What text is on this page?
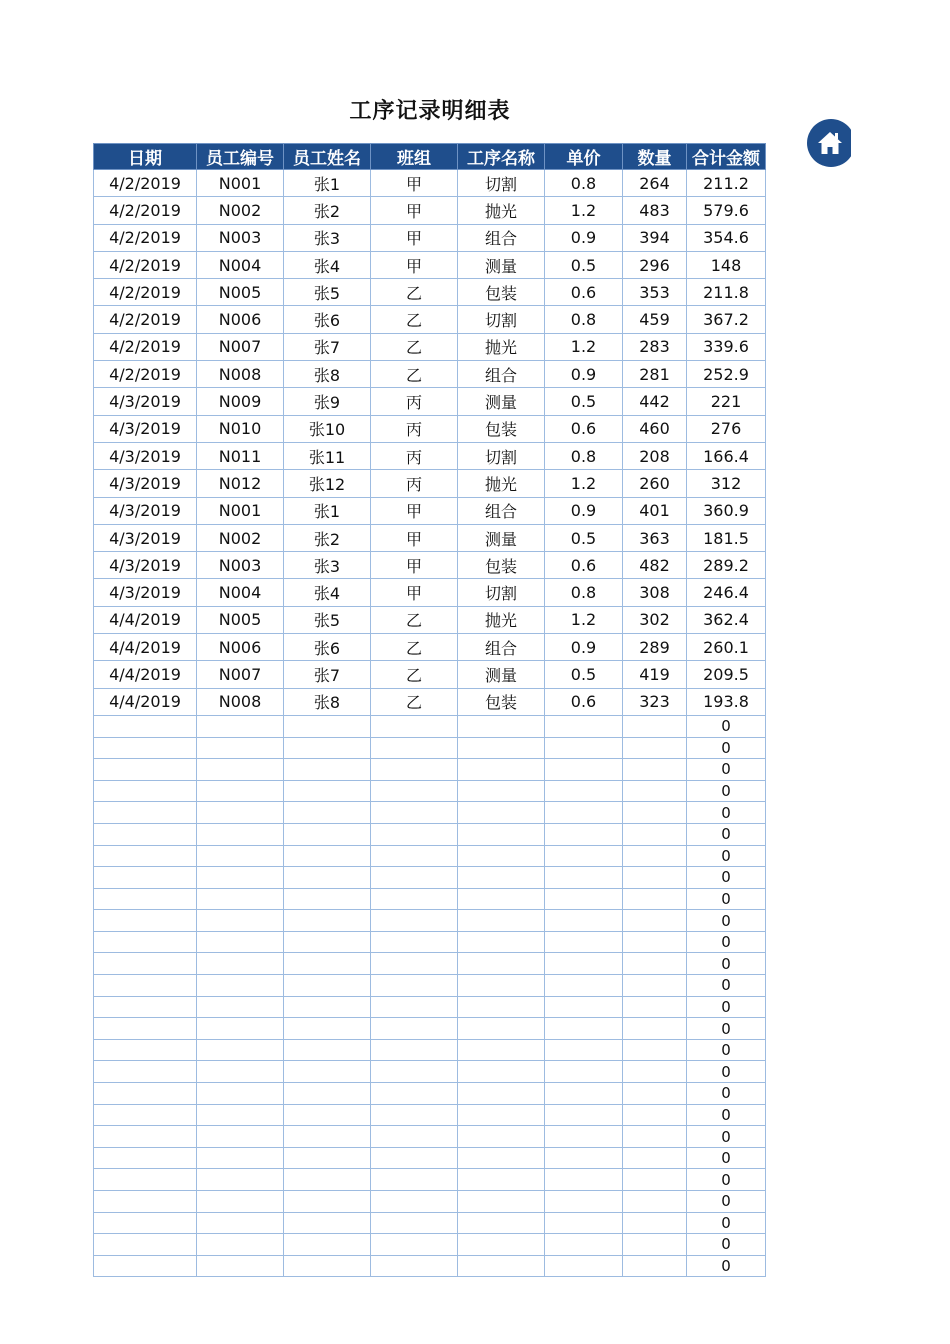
工序记录明细表
日期	员工编号	员工姓名	班组	工序名称	单价	数量	合计金额
4/2/2019	N001	张1	甲	切割	0.8	264	211.2
4/2/2019	N002	张2	甲	抛光	1.2	483	579.6
4/2/2019	N003	张3	甲	组合	0.9	394	354.6
4/2/2019	N004	张4	甲	测量	0.5	296	148
4/2/2019	N005	张5	乙	包装	0.6	353	211.8
4/2/2019	N006	张6	乙	切割	0.8	459	367.2
4/2/2019	N007	张7	乙	抛光	1.2	283	339.6
4/2/2019	N008	张8	乙	组合	0.9	281	252.9
4/3/2019	N009	张9	丙	测量	0.5	442	221
4/3/2019	N010	张10	丙	包装	0.6	460	276
4/3/2019	N011	张11	丙	切割	0.8	208	166.4
4/3/2019	N012	张12	丙	抛光	1.2	260	312
4/3/2019	N001	张1	甲	组合	0.9	401	360.9
4/3/2019	N002	张2	甲	测量	0.5	363	181.5
4/3/2019	N003	张3	甲	包装	0.6	482	289.2
4/3/2019	N004	张4	甲	切割	0.8	308	246.4
4/4/2019	N005	张5	乙	抛光	1.2	302	362.4
4/4/2019	N006	张6	乙	组合	0.9	289	260.1
4/4/2019	N007	张7	乙	测量	0.5	419	209.5
4/4/2019	N008	张8	乙	包装	0.6	323	193.8
							0
							0
							0
							0
							0
							0
							0
							0
							0
							0
							0
							0
							0
							0
							0
							0
							0
							0
							0
							0
							0
							0
							0
							0
							0
							0
